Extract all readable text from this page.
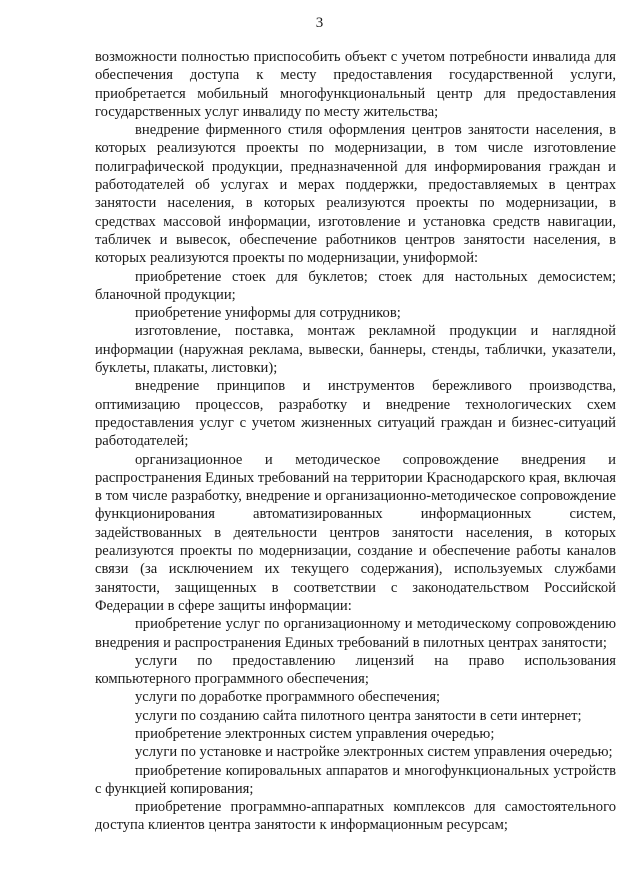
3

возможности полностью приспособить объект с учетом потребности инвалида для обеспечения доступа к месту предоставления государственной услуги, приобретается мобильный многофункциональный центр для предоставления государственных услуг инвалиду по месту жительства;

внедрение фирменного стиля оформления центров занятости населения, в которых реализуются проекты по модернизации, в том числе изготовление полиграфической продукции, предназначенной для информирования граждан и работодателей об услугах и мерах поддержки, предоставляемых в центрах занятости населения, в которых реализуются проекты по модернизации, в средствах массовой информации, изготовление и установка средств навигации, табличек и вывесок, обеспечение работников центров занятости населения, в которых реализуются проекты по модернизации, униформой:

приобретение стоек для буклетов; стоек для настольных демосистем; бланочной продукции;

приобретение униформы для сотрудников;

изготовление, поставка, монтаж рекламной продукции и наглядной информации (наружная реклама, вывески, баннеры, стенды, таблички, указатели, буклеты, плакаты, листовки);

внедрение принципов и инструментов бережливого производства, оптимизацию процессов, разработку и внедрение технологических схем предоставления услуг с учетом жизненных ситуаций граждан и бизнес-ситуаций работодателей;

организационное и методическое сопровождение внедрения и распространения Единых требований на территории Краснодарского края, включая в том числе разработку, внедрение и организационно-методическое сопровождение функционирования автоматизированных информационных систем, задействованных в деятельности центров занятости населения, в которых реализуются проекты по модернизации, создание и обеспечение работы каналов связи (за исключением их текущего содержания), используемых службами занятости, защищенных в соответствии с законодательством Российской Федерации в сфере защиты информации:

приобретение услуг по организационному и методическому сопровождению внедрения и распространения Единых требований в пилотных центрах занятости;

услуги по предоставлению лицензий на право использования компьютерного программного обеспечения;

услуги по доработке программного обеспечения;

услуги по созданию сайта пилотного центра занятости в сети интернет;

приобретение электронных систем управления очередью;

услуги по установке и настройке электронных систем управления очередью;

приобретение копировальных аппаратов и многофункциональных устройств с функцией копирования;

приобретение программно-аппаратных комплексов для самостоятельного доступа клиентов центра занятости к информационным ресурсам;
